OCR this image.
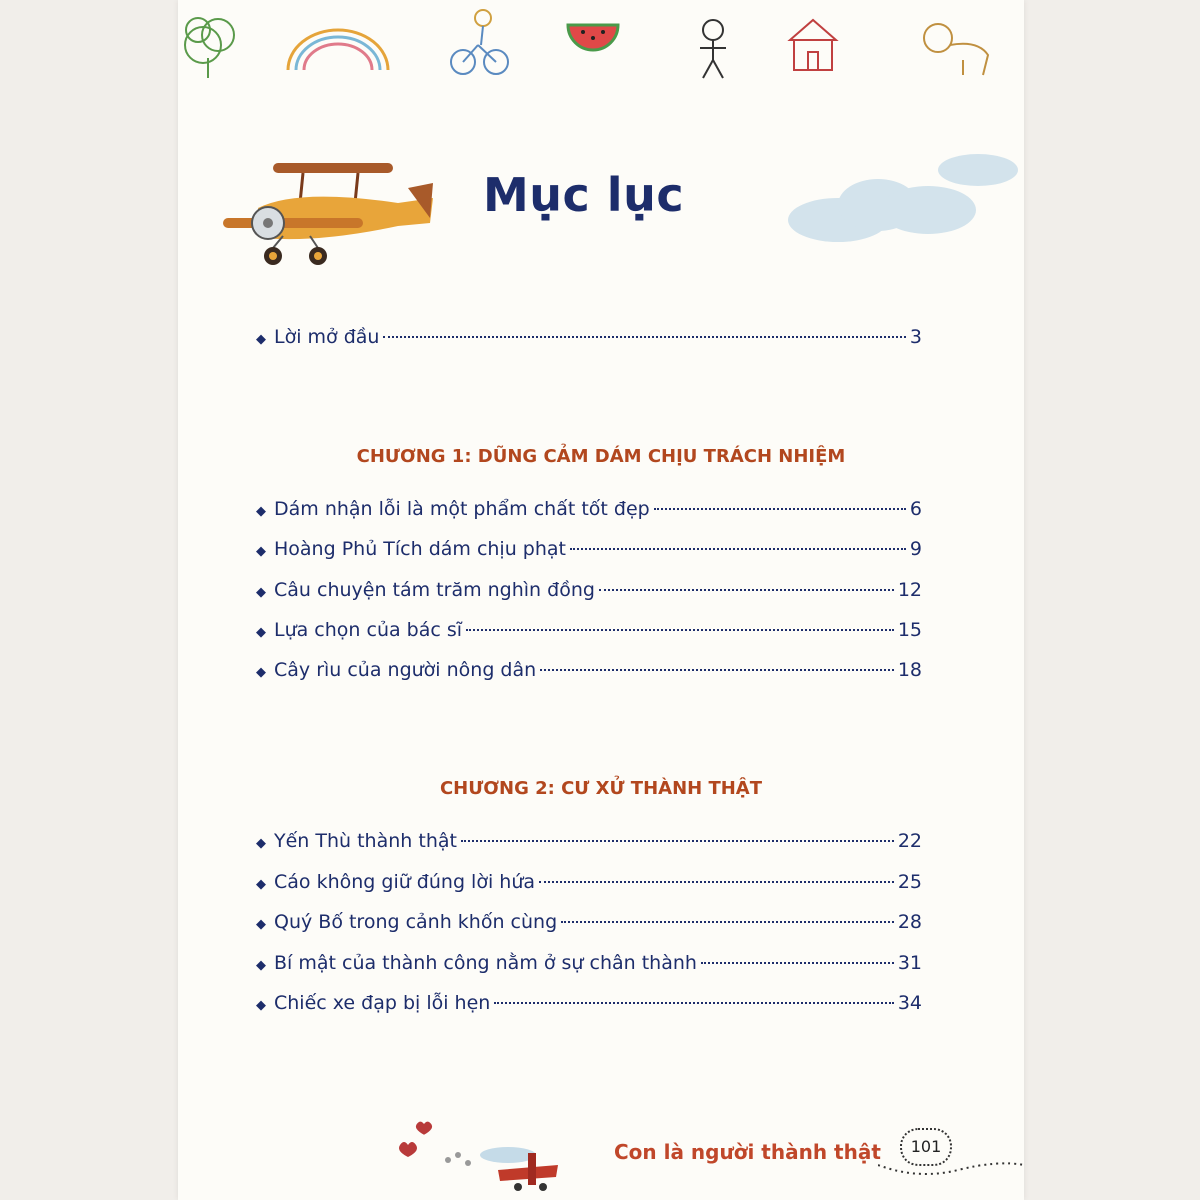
Mục lục
◆ Lời mở đầu	3
CHƯƠNG 1: DŨNG CẢM DÁM CHỊU TRÁCH NHIỆM
◆ Dám nhận lỗi là một phẩm chất tốt đẹp	6
◆ Hoàng Phủ Tích dám chịu phạt	9
◆ Câu chuyện tám trăm nghìn đồng	12
◆ Lựa chọn của bác sĩ	15
◆ Cây rìu của người nông dân	18
CHƯƠNG 2: CƯ XỬ THÀNH THẬT
◆ Yến Thù thành thật	22
◆ Cáo không giữ đúng lời hứa	25
◆ Quý Bố trong cảnh khốn cùng	28
◆ Bí mật của thành công nằm ở sự chân thành	31
◆ Chiếc xe đạp bị lỗi hẹn	34
Con là người thành thật	101
